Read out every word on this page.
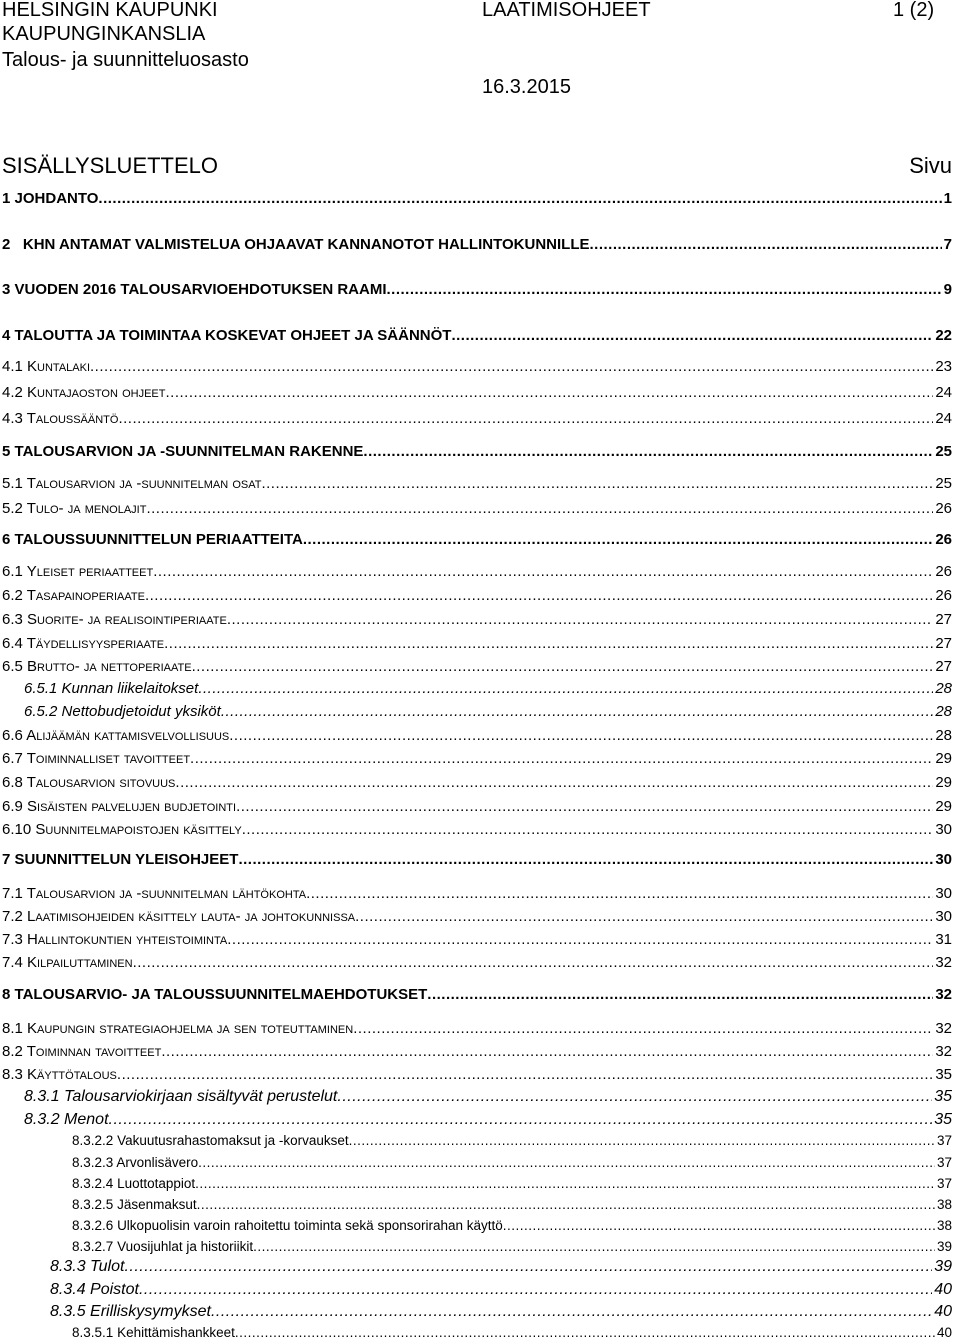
HELSINGIN KAUPUNKI
KAUPUNGINKANSLIA
Talous- ja suunnitteluosasto
LAATIMISOHJEET	1 (2)
16.3.2015
SISÄLLYSLUETTELO	Sivu
1 JOHDANTO .....	1
2 KHN ANTAMAT VALMISTELUA OHJAAVAT KANNANOTOT HALLINTOKUNNILLE .....	7
3 VUODEN 2016 TALOUSARVIOEHDOTUKSEN RAAMI .....	9
4 TALOUTTA JA TOIMINTAA KOSKEVAT OHJEET JA SÄÄNNÖT .....	22
4.1 Kuntalaki .....	23
4.2 Kuntajaoston ohjeet .....	24
4.3 Taloussääntö .....	24
5 TALOUSARVION JA -SUUNNITELMAN RAKENNE .....	25
5.1 Talousarvion ja -suunnitelman osat .....	25
5.2 Tulo- ja menolajit .....	26
6 TALOUSSUUNNITTELUN PERIAATTEITA .....	26
6.1 Yleiset periaatteet .....	26
6.2 Tasapainoperiaate .....	26
6.3 Suorite- ja realisointiperiaate .....	27
6.4 Täydellisyysperiaate .....	27
6.5 Brutto- ja nettoperiaate .....	27
6.5.1 Kunnan liikelaitokset .....	28
6.5.2 Nettobudjetoidut yksiköt .....	28
6.6 Alijäämän kattamisvelvollisuus .....	28
6.7 Toiminnalliset tavoitteet .....	29
6.8 Talousarvion sitovuus .....	29
6.9 Sisäisten palvelujen budjetointi .....	29
6.10 Suunnitelmapoistojen käsittely .....	30
7 SUUNNITTELUN YLEISOHJEET .....	30
7.1 Talousarvion ja -suunnitelman lähtökohta .....	30
7.2 Laatimisohjeiden käsittely lauta- ja johtokunnissa .....	30
7.3 Hallintokuntien yhteistoiminta .....	31
7.4 Kilpailuttaminen .....	32
8 TALOUSARVIO- JA TALOUSSUUNNITELMAEHDOTUKSET .....	32
8.1 Kaupungin strategiaohjelma ja sen toteuttaminen .....	32
8.2 Toiminnan tavoitteet .....	32
8.3 Käyttötalous .....	35
8.3.1 Talousarviokirjaan sisältyvät perustelut .....	35
8.3.2 Menot .....	35
8.3.2.2 Vakuutusrahastomaksut ja -korvaukset .....	37
8.3.2.3 Arvonlisävero .....	37
8.3.2.4 Luottotappiot .....	37
8.3.2.5 Jäsenmaksut .....	38
8.3.2.6 Ulkopuolisin varoin rahoitettu toiminta sekä sponsorirahan käyttö .....	38
8.3.2.7 Vuosijuhlat ja historiikit .....	39
8.3.3 Tulot .....	39
8.3.4 Poistot .....	40
8.3.5 Erilliskysymykset .....	40
8.3.5.1 Kehittämishankkeet .....	40
